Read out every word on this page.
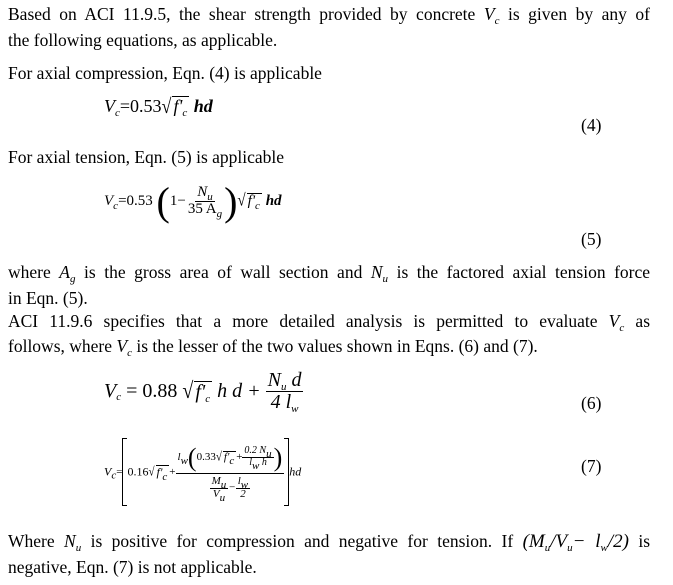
Based on ACI 11.9.5, the shear strength provided by concrete $V_c$ is given by any of
the following equations, as applicable.
For axial compression, Eqn. (4) is applicable
$V_c=0.53√$ $f'_c$ hd
(4)
For axial tension, Eqn. (5) is applicable
$V_c=0.53$ ($1- \frac{N_u}{35 A_g}$ )√ $f'_c$ hd
(5)
where $A_g$ is the gross area of wall section and $N_u$ is the factored axial tension force
in Eqn. (5).
ACI 11.9.6 specifies that a more detailed analysis is permitted to evaluate $V_c$ as
follows, where $V_c$ is the lesser of the two values shown in Eqns. (6) and (7).
$V_c = 0.88$ √ $f'_c$ h $d + \frac{N_u d}{4 l_w}$	(6)
$V_c= 0.16√$ $f'_c + \frac{l_w(0.33√ f'_c + \frac{0.2 N_u}{l_w h} )}{\frac{M_u}{V_u} - \frac{l_w}{2}}$ hd	(7)
Where $N_u$ is positive for compression and negative for tension. If $(M_u/V_u- l_w/2)$ is
negative, Eqn. (7) is not applicable.
